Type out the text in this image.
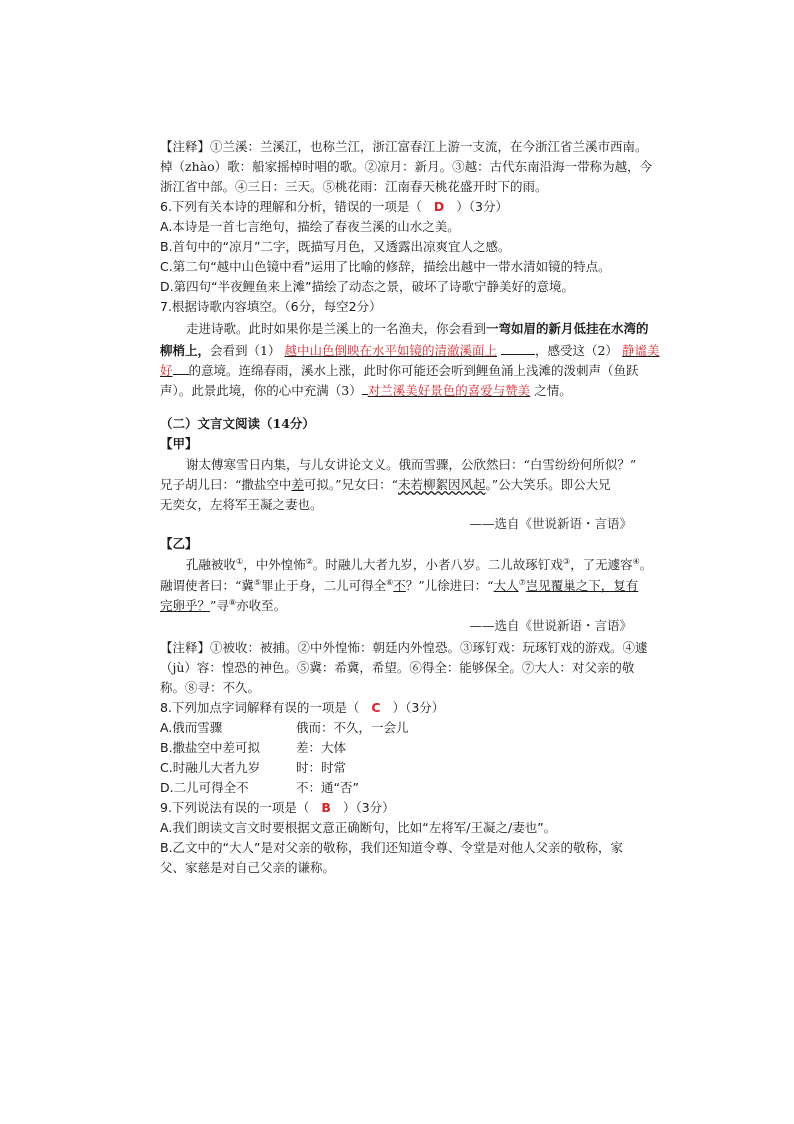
【注释】①兰溪：兰溪江，也称兰江，浙江富春江上游一支流，在今浙江省兰溪市西南。
棹（zhào）歌：船家摇棹时唱的歌。②凉月：新月。③越：古代东南沿海一带称为越，今
浙江省中部。④三日：三天。⑤桃花雨：江南春天桃花盛开时下的雨。
6.下列有关本诗的理解和分析，错误的一项是（ D ）（3分）
A.本诗是一首七言绝句，描绘了春夜兰溪的山水之美。
B.首句中的“凉月”二字，既描写月色，又透露出凉爽宜人之感。
C.第二句“越中山色镜中看”运用了比喻的修辞，描绘出越中一带水清如镜的特点。
D.第四句“半夜鲤鱼来上滩”描绘了动态之景，破坏了诗歌宁静美好的意境。
7.根据诗歌内容填空。（6分，每空2分）
走进诗歌。此时如果你是兰溪上的一名渔夫，你会看到一弯如眉的新月低挂在水湾的
柳梢上，会看到（1） 越中山色倒映在水平如镜的清澈溪面上	，感受这（2） 静谧美
好 的意境。连绵春雨，溪水上涨，此时你可能还会听到鲤鱼涌上浅滩的泼刺声（鱼跃
声）。此景此境，你的心中充满（3） 对兰溪美好景色的喜爱与赞美 之情。
（二）文言文阅读（14分）
【甲】
谢太傅寒雪日内集，与儿女讲论文义。俄而雪骤，公欣然曰：“白雪纷纷何所似？”
兄子胡儿曰：“撒盐空中差可拟。”兄女曰：“未若柳絮因风起。”公大笑乐。即公大兄
无奕女，左将军王凝之妻也。
——选自《世说新语・言语》
【乙】
孔融被收①，中外惶怖②。时融儿大者九岁，小者八岁。二儿故琢钉戏③，了无遽容④。
融谓使者曰：“冀⑤罪止于身，二儿可得全⑥不？”儿徐进曰：“大人⑦岂见覆巢之下，复有
完卵乎？”寻⑧亦收至。
——选自《世说新语・言语》
【注释】①被收：被捕。②中外惶怖：朝廷内外惶恐。③琢钉戏：玩琢钉戏的游戏。④遽
（jù）容：惶恐的神色。⑤冀：希冀，希望。⑥得全：能够保全。⑦大人：对父亲的敬
称。⑧寻：不久。
8.下列加点字词解释有误的一项是（ C ）（3分）
A.俄而雪骤	俄而：不久，一会儿
B.撒盐空中差可拟	差：大体
C.时融儿大者九岁	时：时常
D.二儿可得全不	不：通“否”
9.下列说法有误的一项是（ B ）（3分）
A.我们朗读文言文时要根据文意正确断句，比如“左将军/王凝之/妻也”。
B.乙文中的“大人”是对父亲的敬称，我们还知道令尊、令堂是对他人父亲的敬称，家
父、家慈是对自己父亲的谦称。
